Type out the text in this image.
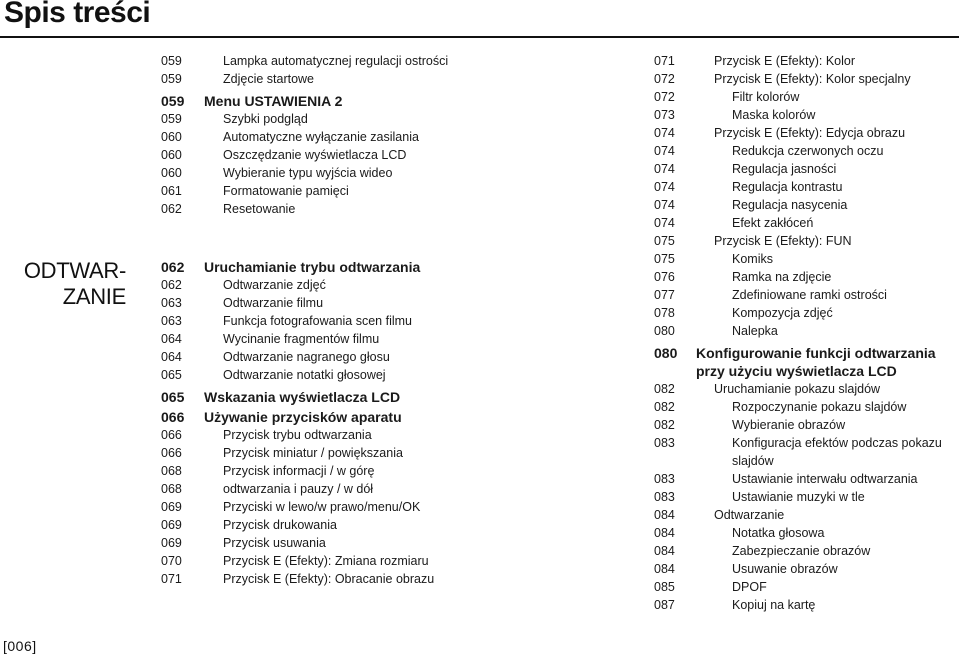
Spis treści
ODTWAR-
ZANIE
059	Lampka automatycznej regulacji ostrości
059	Zdjęcie startowe
059 Menu USTAWIENIA 2
059	Szybki podgląd
060	Automatyczne wyłączanie zasilania
060	Oszczędzanie wyświetlacza LCD
060	Wybieranie typu wyjścia wideo
061	Formatowanie pamięci
062	Resetowanie
062 Uruchamianie trybu odtwarzania
062	Odtwarzanie zdjęć
063	Odtwarzanie filmu
063	Funkcja fotografowania scen filmu
064	Wycinanie fragmentów filmu
064	Odtwarzanie nagranego głosu
065	Odtwarzanie notatki głosowej
065 Wskazania wyświetlacza LCD
066 Używanie przycisków aparatu
066	Przycisk trybu odtwarzania
066	Przycisk miniatur / powiększania
068	Przycisk informacji / w górę
068	odtwarzania i pauzy / w dół
069	Przyciski w lewo/w prawo/menu/OK
069	Przycisk drukowania
069	Przycisk usuwania
070	Przycisk E (Efekty): Zmiana rozmiaru
071	Przycisk E (Efekty): Obracanie obrazu
071	Przycisk E (Efekty): Kolor
072	Przycisk E (Efekty): Kolor specjalny
072	Filtr kolorów
073	Maska kolorów
074	Przycisk E (Efekty): Edycja obrazu
074	Redukcja czerwonych oczu
074	Regulacja jasności
074	Regulacja kontrastu
074	Regulacja nasycenia
074	Efekt zakłóceń
075	Przycisk E (Efekty): FUN
075	Komiks
076	Ramka na zdjęcie
077	Zdefiniowane ramki ostrości
078	Kompozycja zdjęć
080	Nalepka
080 Konfigurowanie funkcji odtwarzania przy użyciu wyświetlacza LCD
082	Uruchamianie pokazu slajdów
082	Rozpoczynanie pokazu slajdów
082	Wybieranie obrazów
083	Konfiguracja efektów podczas pokazu slajdów
083	Ustawianie interwału odtwarzania
083	Ustawianie muzyki w tle
084	Odtwarzanie
084	Notatka głosowa
084	Zabezpieczanie obrazów
084	Usuwanie obrazów
085	DPOF
087	Kopiuj na kartę
[006]
